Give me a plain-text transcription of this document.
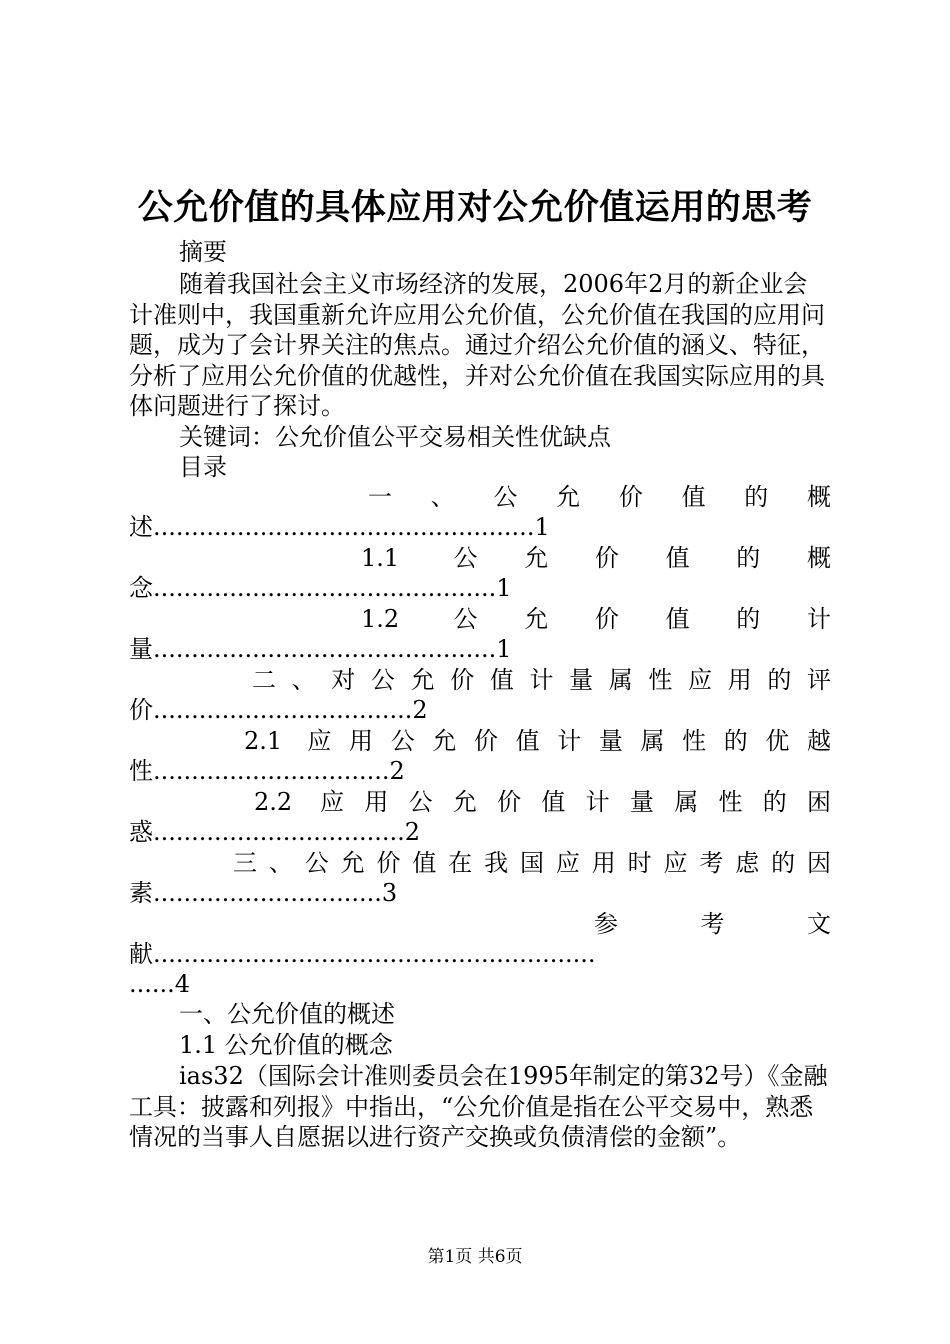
公允价值的具体应用对公允价值运用的思考
摘要

随着我国社会主义市场经济的发展，2006年2月的新企业会计准则中，我国重新允许应用公允价值，公允价值在我国的应用问题，成为了会计界关注的焦点。通过介绍公允价值的涵义、特征，分析了应用公允价值的优越性，并对公允价值在我国实际应用的具体问题进行了探讨。

关键词：公允价值公平交易相关性优缺点
目录
一、公允价值的概
述..................................................1
1.1 公允价值的概
念.............................................1
1.2 公允价值的计
量.............................................1
二、对公允价值计量属性应用的评
价..................................2
2.1 应用公允价值计量属性的优越
性...............................2
2.2 应用公允价值计量属性的困
惑.................................2
三、公允价值在我国应用时应考虑的因
素..............................3
参考文
献..........................................................
......4
一、公允价值的概述
1.1 公允价值的概念

ias32（国际会计准则委员会在1995年制定的第32号）《金融工具：披露和列报》中指出，“公允价值是指在公平交易中，熟悉情况的当事人自愿据以进行资产交换或负债清偿的金额”。

第1页 共6页
